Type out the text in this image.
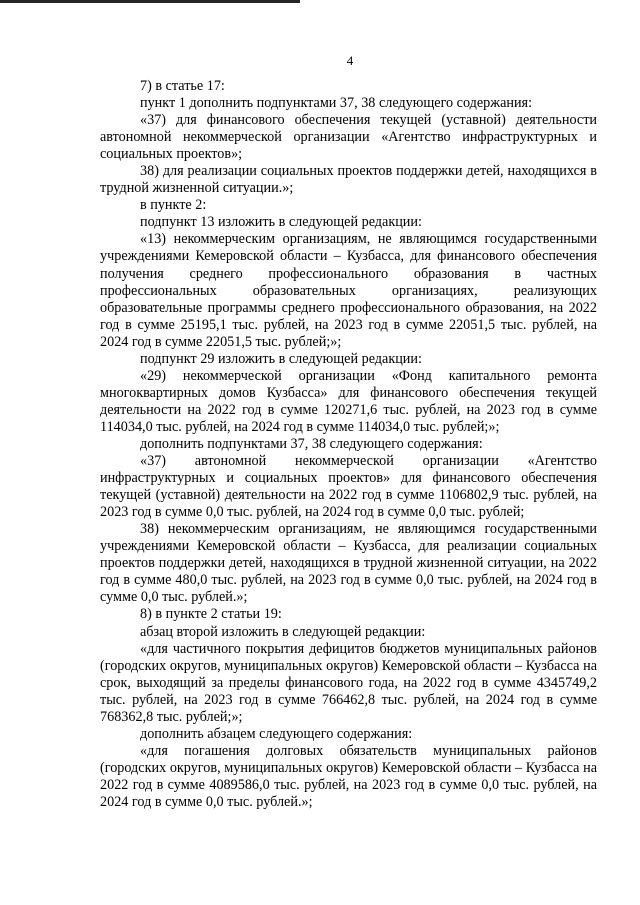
4

7) в статье 17:

пункт 1 дополнить подпунктами 37, 38 следующего содержания:

«37) для финансового обеспечения текущей (уставной) деятельности автономной некоммерческой организации «Агентство инфраструктурных и социальных проектов»;

38) для реализации социальных проектов поддержки детей, находящихся в трудной жизненной ситуации.»;

в пункте 2:

подпункт 13 изложить в следующей редакции:

«13) некоммерческим организациям, не являющимся государственными учреждениями Кемеровской области – Кузбасса, для финансового обеспечения получения среднего профессионального образования в частных профессиональных образовательных организациях, реализующих образовательные программы среднего профессионального образования, на 2022 год в сумме 25195,1 тыс. рублей, на 2023 год в сумме 22051,5 тыс. рублей, на 2024 год в сумме 22051,5 тыс. рублей;»;

подпункт 29 изложить в следующей редакции:

«29) некоммерческой организации «Фонд капитального ремонта многоквартирных домов Кузбасса» для финансового обеспечения текущей деятельности на 2022 год в сумме 120271,6 тыс. рублей, на 2023 год в сумме 114034,0 тыс. рублей, на 2024 год в сумме 114034,0 тыс. рублей;»;

дополнить подпунктами 37, 38 следующего содержания:

«37) автономной некоммерческой организации «Агентство инфраструктурных и социальных проектов» для финансового обеспечения текущей (уставной) деятельности на 2022 год в сумме 1106802,9 тыс. рублей, на 2023 год в сумме 0,0 тыс. рублей, на 2024 год в сумме 0,0 тыс. рублей;

38) некоммерческим организациям, не являющимся государственными учреждениями Кемеровской области – Кузбасса, для реализации социальных проектов поддержки детей, находящихся в трудной жизненной ситуации, на 2022 год в сумме 480,0 тыс. рублей, на 2023 год в сумме 0,0 тыс. рублей, на 2024 год в сумме 0,0 тыс. рублей.»;

8) в пункте 2 статьи 19:

абзац второй изложить в следующей редакции:

«для частичного покрытия дефицитов бюджетов муниципальных районов (городских округов, муниципальных округов) Кемеровской области – Кузбасса на срок, выходящий за пределы финансового года, на 2022 год в сумме 4345749,2 тыс. рублей, на 2023 год в сумме 766462,8 тыс. рублей, на 2024 год в сумме 768362,8 тыс. рублей;»;

дополнить абзацем следующего содержания:

«для погашения долговых обязательств муниципальных районов (городских округов, муниципальных округов) Кемеровской области – Кузбасса на 2022 год в сумме 4089586,0 тыс. рублей, на 2023 год в сумме 0,0 тыс. рублей, на 2024 год в сумме 0,0 тыс. рублей.»;
